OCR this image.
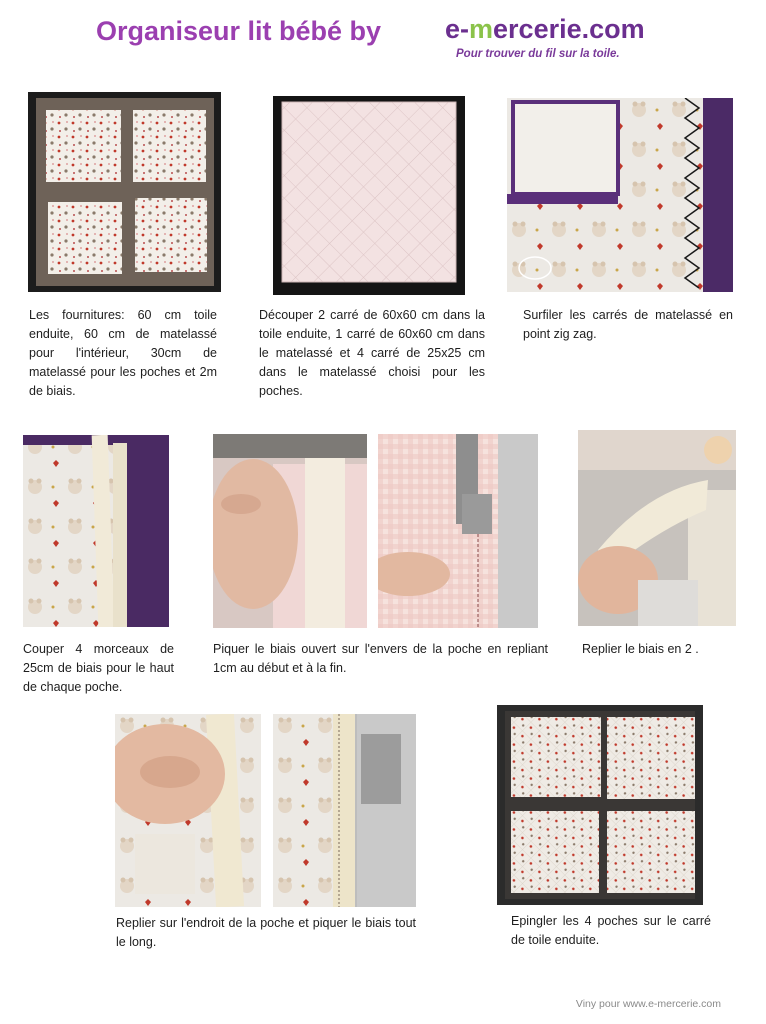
Organiseur lit bébé by e-mercerie.com
Pour trouver du fil sur la toile.

Les fournitures: 60 cm toile enduite, 60 cm de matelassé pour l'intérieur, 30cm de matelassé pour les poches et 2m de biais.

Découper 2 carré de 60x60 cm dans la toile enduite, 1 carré de 60x60 cm dans le matelassé et 4 carré de 25x25 cm dans le matelassé choisi pour les poches.

Surfiler les carrés de matelassé en point zig zag.

Couper 4 morceaux de 25cm de biais pour le haut de chaque poche.

Piquer le biais ouvert sur l'envers de la poche en repliant 1cm au début et à la fin.

Replier le biais en 2 .

Replier sur l'endroit de la poche et piquer le biais tout le long.

Epingler les 4 poches sur le carré de toile enduite.

Viny pour www.e-mercerie.com
